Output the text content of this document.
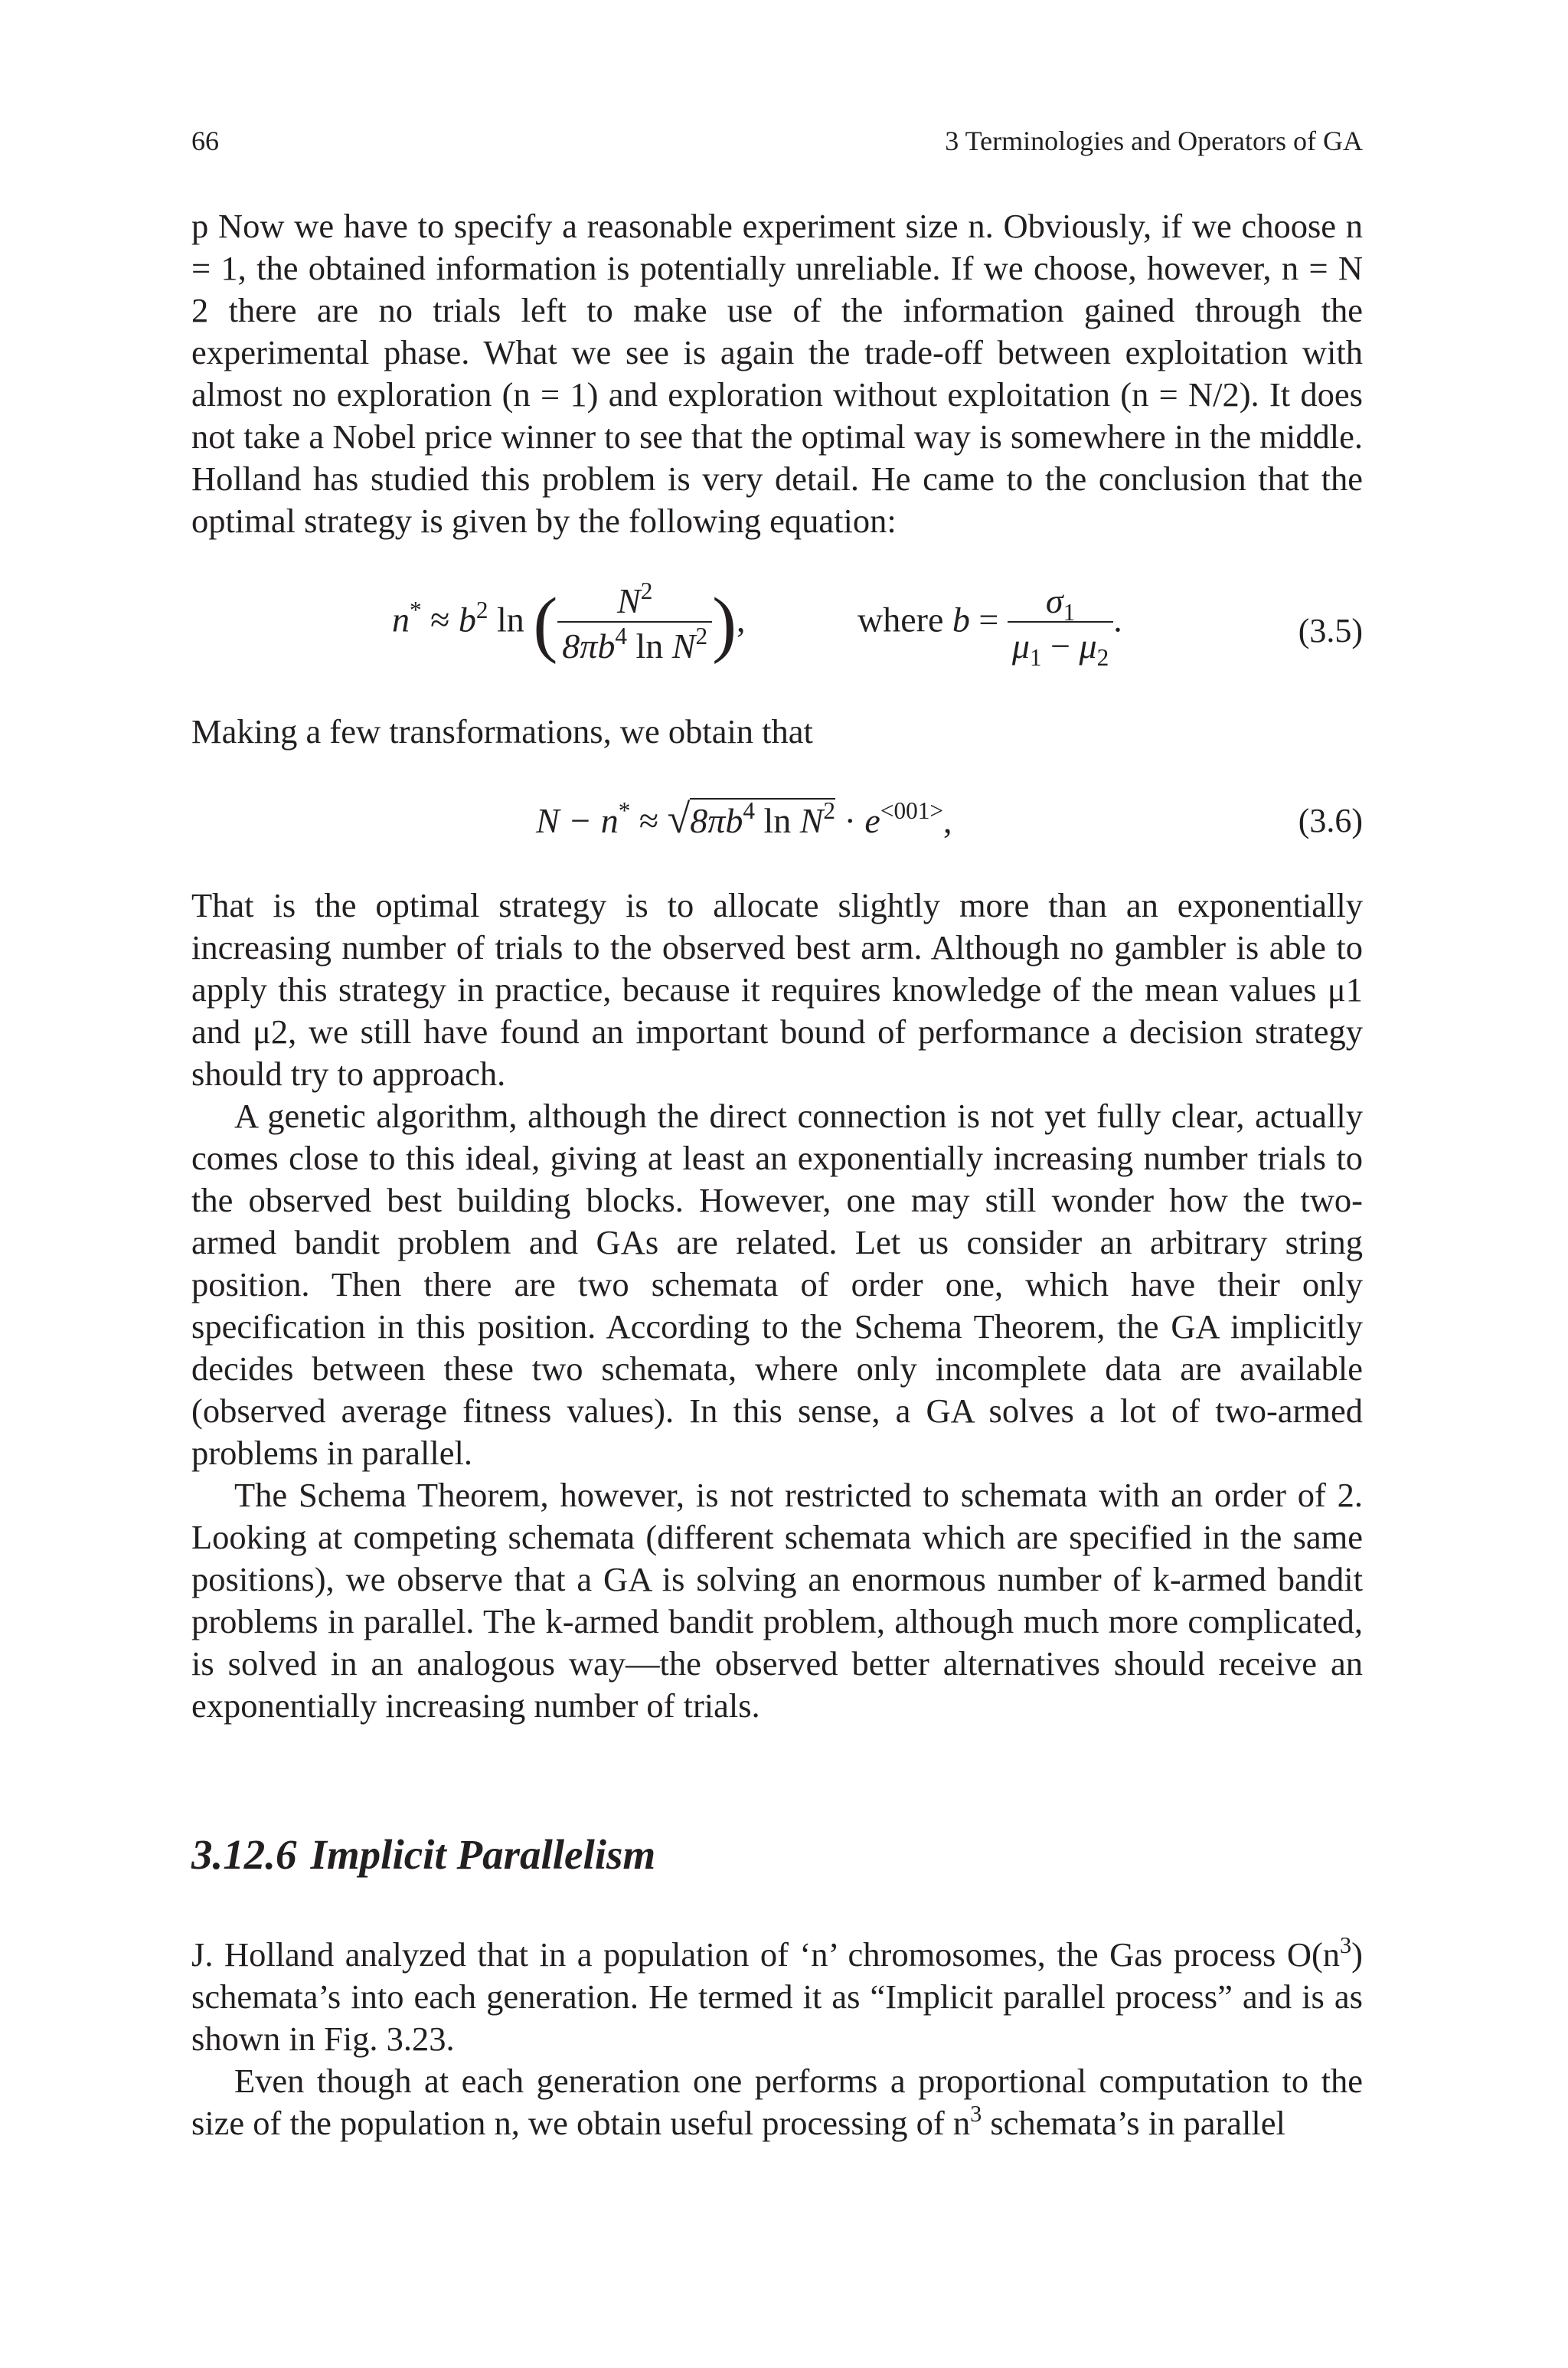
66	3 Terminologies and Operators of GA

p Now we have to specify a reasonable experiment size n. Obviously, if we choose n = 1, the obtained information is potentially unreliable. If we choose, however, n = N 2 there are no trials left to make use of the information gained through the experimental phase. What we see is again the trade-off between exploitation with almost no exploration (n = 1) and exploration without exploitation (n = N/2). It does not take a Nobel price winner to see that the optimal way is somewhere in the middle. Holland has studied this problem is very detail. He came to the conclusion that the optimal strategy is given by the following equation:

$n^* \approx b^2$ ln ( $\frac{N^2}{8\pi b^4 \ln N^2}$ ),	where $b = \frac{\sigma_1}{\mu_1 - \mu_2}$ .	(3.5)

Making a few transformations, we obtain that

$N - n^* \approx √8\pi b^4$ $\ln N^2 \cdot e^{<001>}$,	(3.6)

That is the optimal strategy is to allocate slightly more than an exponentially increasing number of trials to the observed best arm. Although no gambler is able to apply this strategy in practice, because it requires knowledge of the mean values μ1 and μ2, we still have found an important bound of performance a decision strategy should try to approach.

A genetic algorithm, although the direct connection is not yet fully clear, actually comes close to this ideal, giving at least an exponentially increasing number trials to the observed best building blocks. However, one may still wonder how the two-armed bandit problem and GAs are related. Let us consider an arbitrary string position. Then there are two schemata of order one, which have their only specification in this position. According to the Schema Theorem, the GA implicitly decides between these two schemata, where only incomplete data are available (observed average fitness values). In this sense, a GA solves a lot of two-armed problems in parallel.

The Schema Theorem, however, is not restricted to schemata with an order of 2. Looking at competing schemata (different schemata which are specified in the same positions), we observe that a GA is solving an enormous number of k-armed bandit problems in parallel. The k-armed bandit problem, although much more complicated, is solved in an analogous way—the observed better alternatives should receive an exponentially increasing number of trials.

3.12.6 Implicit Parallelism

J. Holland analyzed that in a population of ‘n’ chromosomes, the Gas process $O(n^3)$ schemata’s into each generation. He termed it as “Implicit parallel process” and is as shown in Fig. 3.23.

Even though at each generation one performs a proportional computation to the size of the population n, we obtain useful processing of $n^3$ schemata’s in parallel
